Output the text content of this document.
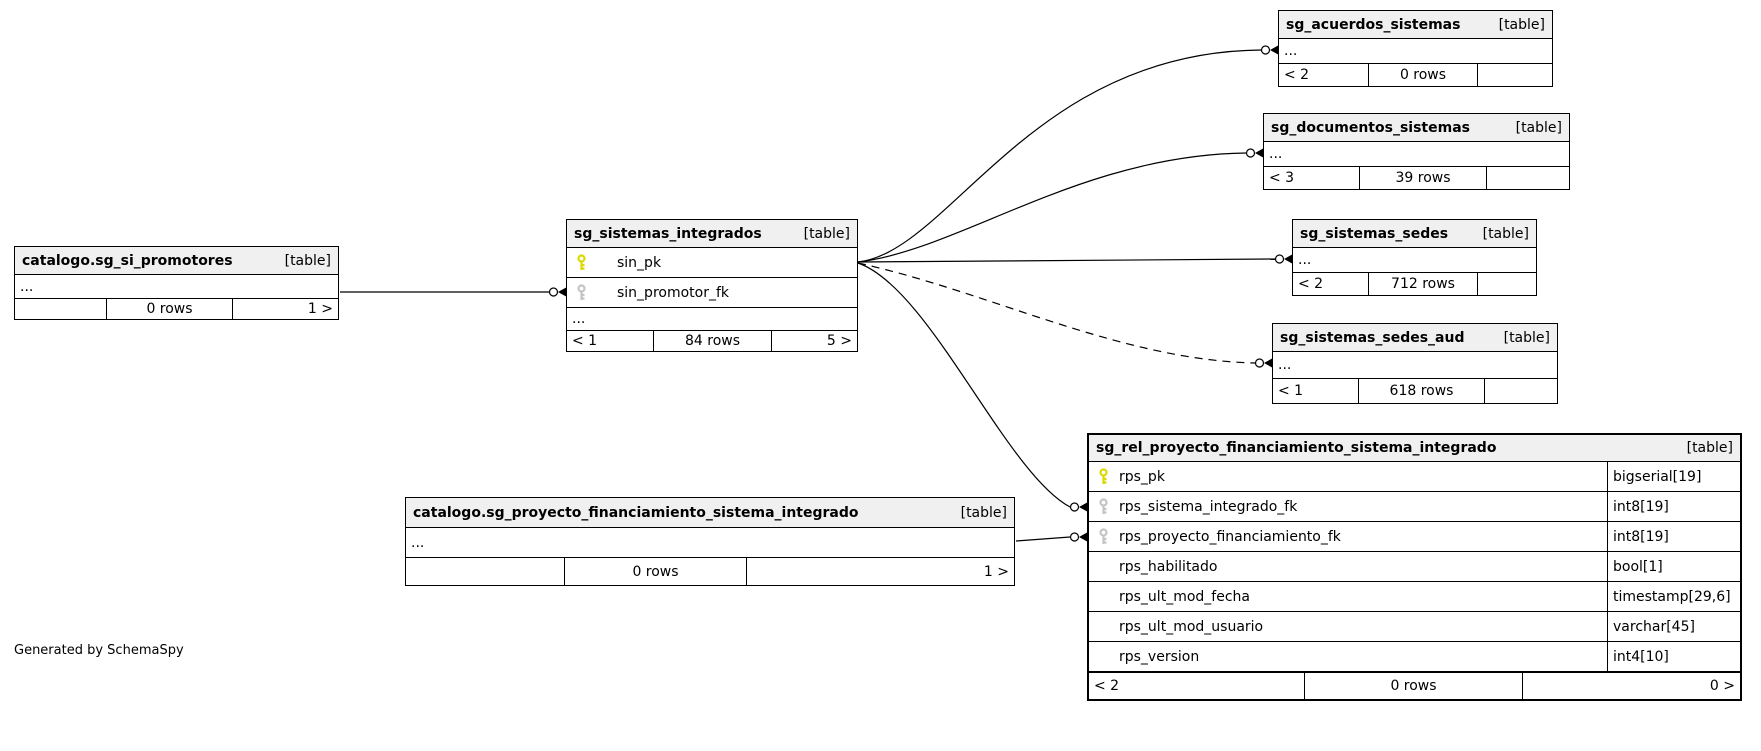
catalogo.sg_si_promotores	[table]
...
0 rows	1 >
sg_sistemas_integrados	[table]
sin_pk
sin_promotor_fk
...
< 1	84 rows	5 >
sg_acuerdos_sistemas	[table]
...
< 2	0 rows
sg_documentos_sistemas	[table]
...
< 3	39 rows
sg_sistemas_sedes	[table]
...
< 2	712 rows
sg_sistemas_sedes_aud	[table]
...
< 1	618 rows
sg_rel_proyecto_financiamiento_sistema_integrado	[table]
rps_pk	bigserial[19]
rps_sistema_integrado_fk	int8[19]
rps_proyecto_financiamiento_fk	int8[19]
rps_habilitado	bool[1]
rps_ult_mod_fecha	timestamp[29,6]
rps_ult_mod_usuario	varchar[45]
rps_version	int4[10]
< 2	0 rows	0 >
catalogo.sg_proyecto_financiamiento_sistema_integrado	[table]
...
0 rows	1 >
Generated by SchemaSpy
